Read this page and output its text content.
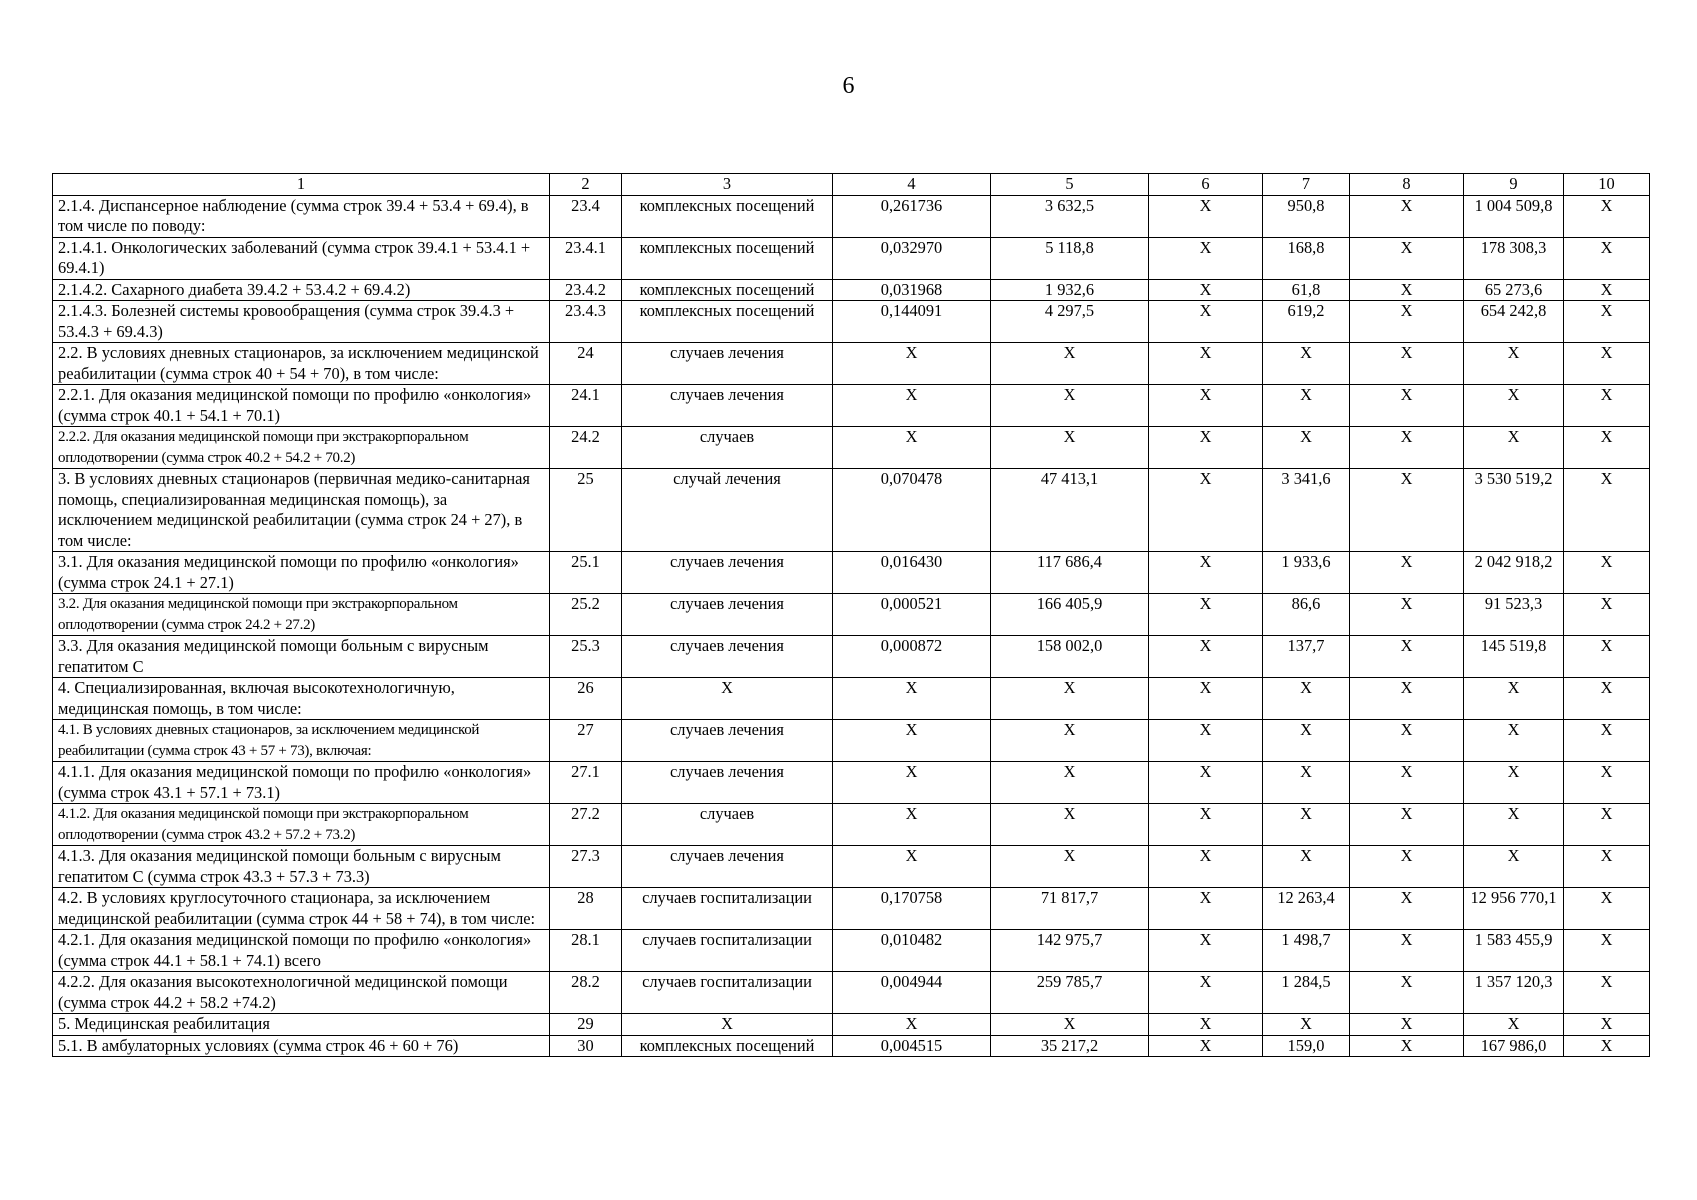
6
1	2	3	4	5	6	7	8	9	10
2.1.4. Диспансерное наблюдение (сумма строк 39.4 + 53.4 + 69.4), в том числе по поводу:	23.4	комплексных посещений	0,261736	3 632,5	X	950,8	X	1 004 509,8	X
2.1.4.1. Онкологических заболеваний (сумма строк 39.4.1 + 53.4.1 + 69.4.1)	23.4.1	комплексных посещений	0,032970	5 118,8	X	168,8	X	178 308,3	X
2.1.4.2. Сахарного диабета 39.4.2 + 53.4.2 + 69.4.2)	23.4.2	комплексных посещений	0,031968	1 932,6	X	61,8	X	65 273,6	X
2.1.4.3. Болезней системы кровообращения (сумма строк 39.4.3 + 53.4.3 + 69.4.3)	23.4.3	комплексных посещений	0,144091	4 297,5	X	619,2	X	654 242,8	X
2.2. В условиях дневных стационаров, за исключением медицинской реабилитации (сумма строк 40 + 54 + 70), в том числе:	24	случаев лечения	X	X	X	X	X	X	X
2.2.1. Для оказания медицинской помощи по профилю «онкология» (сумма строк 40.1 + 54.1 + 70.1)	24.1	случаев лечения	X	X	X	X	X	X	X
2.2.2. Для оказания медицинской помощи при экстракорпоральном оплодотворении (сумма строк 40.2 + 54.2 + 70.2)	24.2	случаев	X	X	X	X	X	X	X
3. В условиях дневных стационаров (первичная медико-санитарная помощь, специализированная медицинская помощь), за исключением медицинской реабилитации (сумма строк 24 + 27), в том числе:	25	случай лечения	0,070478	47 413,1	X	3 341,6	X	3 530 519,2	X
3.1. Для оказания медицинской помощи по профилю «онкология» (сумма строк 24.1 + 27.1)	25.1	случаев лечения	0,016430	117 686,4	X	1 933,6	X	2 042 918,2	X
3.2. Для оказания медицинской помощи при экстракорпоральном оплодотворении (сумма строк 24.2 + 27.2)	25.2	случаев лечения	0,000521	166 405,9	X	86,6	X	91 523,3	X
3.3. Для оказания медицинской помощи больным с вирусным гепатитом С	25.3	случаев лечения	0,000872	158 002,0	X	137,7	X	145 519,8	X
4. Специализированная, включая высокотехнологичную, медицинская помощь, в том числе:	26	X	X	X	X	X	X	X	X
4.1. В условиях дневных стационаров, за исключением медицинской реабилитации (сумма строк 43 + 57 + 73), включая:	27	случаев лечения	X	X	X	X	X	X	X
4.1.1. Для оказания медицинской помощи по профилю «онкология» (сумма строк 43.1 + 57.1 + 73.1)	27.1	случаев лечения	X	X	X	X	X	X	X
4.1.2. Для оказания медицинской помощи при экстракорпоральном оплодотворении (сумма строк 43.2 + 57.2 + 73.2)	27.2	случаев	X	X	X	X	X	X	X
4.1.3. Для оказания медицинской помощи больным с вирусным гепатитом С (сумма строк 43.3 + 57.3 + 73.3)	27.3	случаев лечения	X	X	X	X	X	X	X
4.2. В условиях круглосуточного стационара, за исключением медицинской реабилитации (сумма строк 44 + 58 + 74), в том числе:	28	случаев госпитализации	0,170758	71 817,7	X	12 263,4	X	12 956 770,1	X
4.2.1. Для оказания медицинской помощи по профилю «онкология» (сумма строк 44.1 + 58.1 + 74.1) всего	28.1	случаев госпитализации	0,010482	142 975,7	X	1 498,7	X	1 583 455,9	X
4.2.2. Для оказания высокотехнологичной медицинской помощи (сумма строк 44.2 + 58.2 +74.2)	28.2	случаев госпитализации	0,004944	259 785,7	X	1 284,5	X	1 357 120,3	X
5. Медицинская реабилитация	29	X	X	X	X	X	X	X	X
5.1. В амбулаторных условиях (сумма строк 46 + 60 + 76)	30	комплексных посещений	0,004515	35 217,2	X	159,0	X	167 986,0	X
